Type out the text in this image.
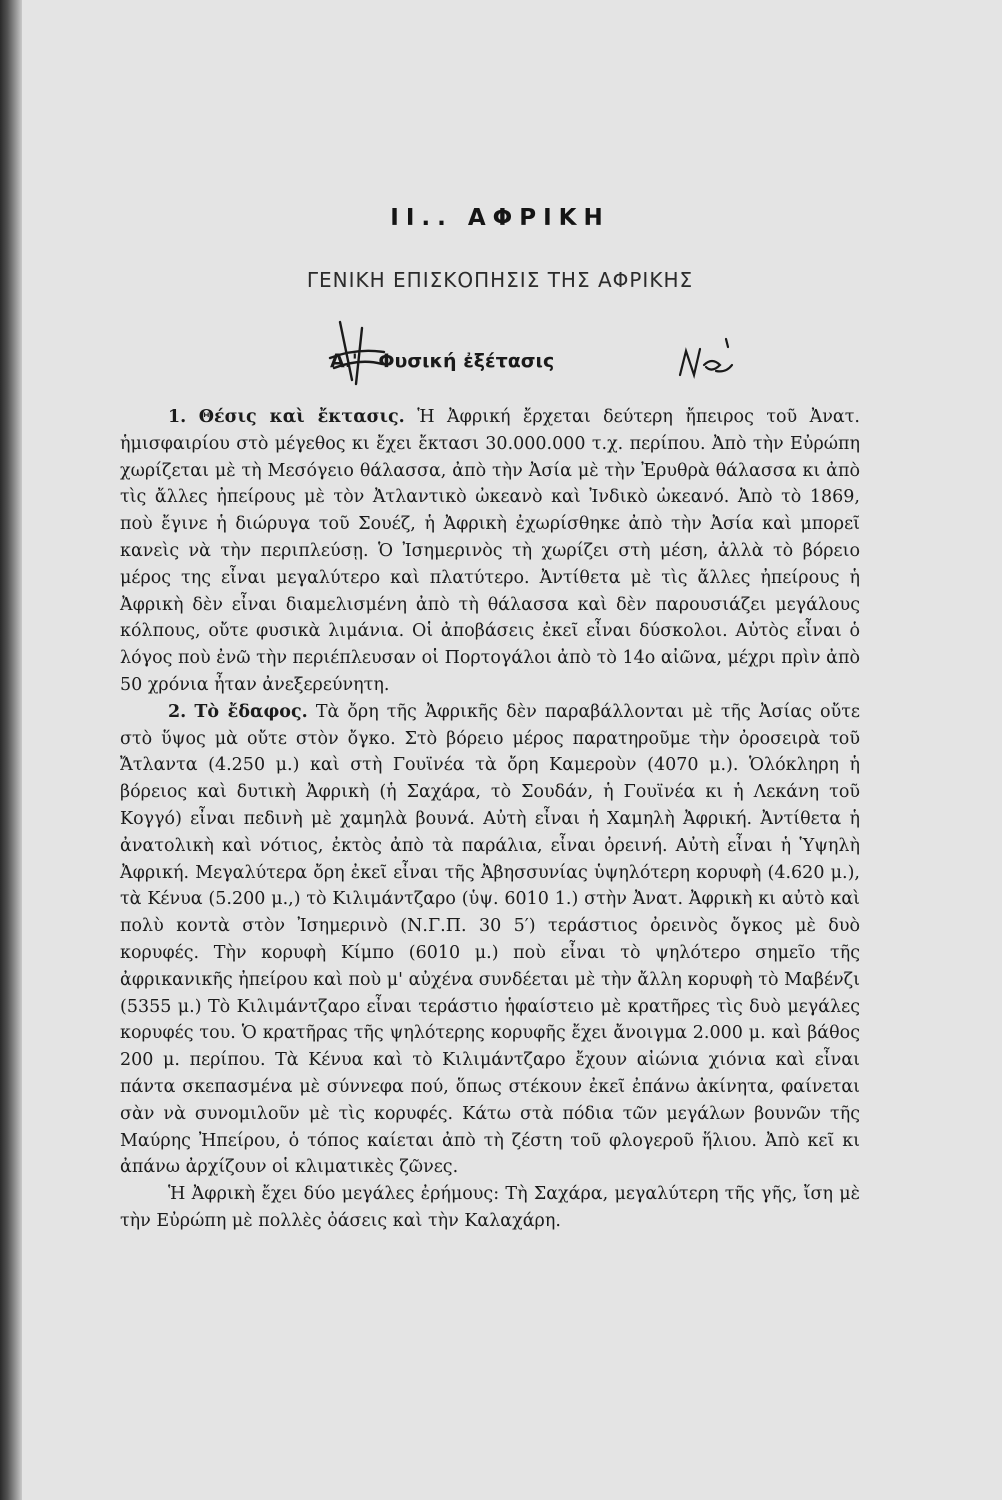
ΙΙ.. ΑΦΡΙΚΗ
ΓΕΝΙΚΗ ΕΠΙΣΚΟΠΗΣΙΣ ΤΗΣ ΑΦΡΙΚΗΣ
Α.' Φυσική ἐξέτασις
Νέα

1. Θέσις καὶ ἔκτασις. Ἡ Ἀφρική ἔρχεται δεύτερη ἤπειρος τοῦ Ἀνατ. ἡμισφαιρίου στὸ μέγεθος κι ἔχει ἔκτασι 30.000.000 τ.χ. περίπου. Ἀπὸ τὴν Εὐρώπη χωρίζεται μὲ τὴ Μεσόγειο θάλασσα, ἀπὸ τὴν Ἀσία μὲ τὴν Ἐρυθρὰ θάλασσα κι ἀπὸ τὶς ἄλλες ἠπείρους μὲ τὸν Ἀτλαντικὸ ὠκεανὸ καὶ Ἰνδικὸ ὠκεανό. Ἀπὸ τὸ 1869, ποὺ ἔγινε ἡ διώρυγα τοῦ Σουέζ, ἡ Ἀφρικὴ ἐχωρίσθηκε ἀπὸ τὴν Ἀσία καὶ μπορεῖ κανεὶς νὰ τὴν περιπλεύσῃ. Ὁ Ἰσημερινὸς τὴ χωρίζει στὴ μέση, ἀλλὰ τὸ βόρειο μέρος της εἶναι μεγαλύτερο καὶ πλατύτερο. Ἀντίθετα μὲ τὶς ἄλλες ἠπείρους ἡ Ἀφρικὴ δὲν εἶναι διαμελισμένη ἀπὸ τὴ θάλασσα καὶ δὲν παρουσιάζει μεγάλους κόλπους, οὔτε φυσικὰ λιμάνια. Οἱ ἀποβάσεις ἐκεῖ εἶναι δύσκολοι. Αὐτὸς εἶναι ὁ λόγος ποὺ ἐνῶ τὴν περιέπλευσαν οἱ Πορτογάλοι ἀπὸ τὸ 14ο αἰῶνα, μέχρι πρὶν ἀπὸ 50 χρόνια ἦταν ἀνεξερεύνητη.

2. Τὸ ἔδαφος. Τὰ ὄρη τῆς Ἀφρικῆς δὲν παραβάλλονται μὲ τῆς Ἀσίας οὔτε στὸ ὕψος μὰ οὔτε στὸν ὄγκο. Στὸ βόρειο μέρος παρατηροῦμε τὴν ὀροσειρὰ τοῦ Ἄτλαντα (4.250 μ.) καὶ στὴ Γουϊνέα τὰ ὄρη Καμεροὺν (4070 μ.). Ὁλόκληρη ἡ βόρειος καὶ δυτικὴ Ἀφρικὴ (ἡ Σαχάρα, τὸ Σουδάν, ἡ Γουϊνέα κι ἡ Λεκάνη τοῦ Κογγό) εἶναι πεδινὴ μὲ χαμηλὰ βουνά. Αὐτὴ εἶναι ἡ Χαμηλὴ Ἀφρική. Ἀντίθετα ἡ ἀνατολικὴ καὶ νότιος, ἐκτὸς ἀπὸ τὰ παράλια, εἶναι ὀρεινή. Αὐτὴ εἶναι ἡ Ὑψηλὴ Ἀφρική. Μεγαλύτερα ὄρη ἐκεῖ εἶναι τῆς Ἀβησσυνίας ὑψηλότερη κορυφὴ (4.620 μ.), τὰ Κένυα (5.200 μ.,) τὸ Κιλιμάντζαρο (ὑψ. 6010 1.) στὴν Ἀνατ. Ἀφρικὴ κι αὐτὸ καὶ πολὺ κοντὰ στὸν Ἰσημερινὸ (Ν.Γ.Π. 30 5′) τεράστιος ὀρεινὸς ὄγκος μὲ δυὸ κορυφές. Τὴν κορυφὴ Κίμπο (6010 μ.) ποὺ εἶναι τὸ ψηλότερο σημεῖο τῆς ἀφρικανικῆς ἠπείρου καὶ ποὺ μ' αὐχένα συνδέεται μὲ τὴν ἄλλη κορυφὴ τὸ Μαβένζι (5355 μ.) Τὸ Κιλιμάντζαρο εἶναι τεράστιο ἡφαίστειο μὲ κρατῆρες τὶς δυὸ μεγάλες κορυφές του. Ὁ κρατῆρας τῆς ψηλότερης κορυφῆς ἔχει ἄνοιγμα 2.000 μ. καὶ βάθος 200 μ. περίπου. Τὰ Κένυα καὶ τὸ Κιλιμάντζαρο ἔχουν αἰώνια χιόνια καὶ εἶναι πάντα σκεπασμένα μὲ σύννεφα πού, ὅπως στέκουν ἐκεῖ ἐπάνω ἀκίνητα, φαίνεται σὰν νὰ συνομιλοῦν μὲ τὶς κορυφές. Κάτω στὰ πόδια τῶν μεγάλων βουνῶν τῆς Μαύρης Ἠπείρου, ὁ τόπος καίεται ἀπὸ τὴ ζέστη τοῦ φλογεροῦ ἥλιου. Ἀπὸ κεῖ κι ἀπάνω ἀρχίζουν οἱ κλιματικὲς ζῶνες.

Ἡ Ἀφρικὴ ἔχει δύο μεγάλες ἐρήμους: Τὴ Σαχάρα, μεγαλύτερη τῆς γῆς, ἴση μὲ τὴν Εὐρώπη μὲ πολλὲς ὀάσεις καὶ τὴν Καλαχάρη.
